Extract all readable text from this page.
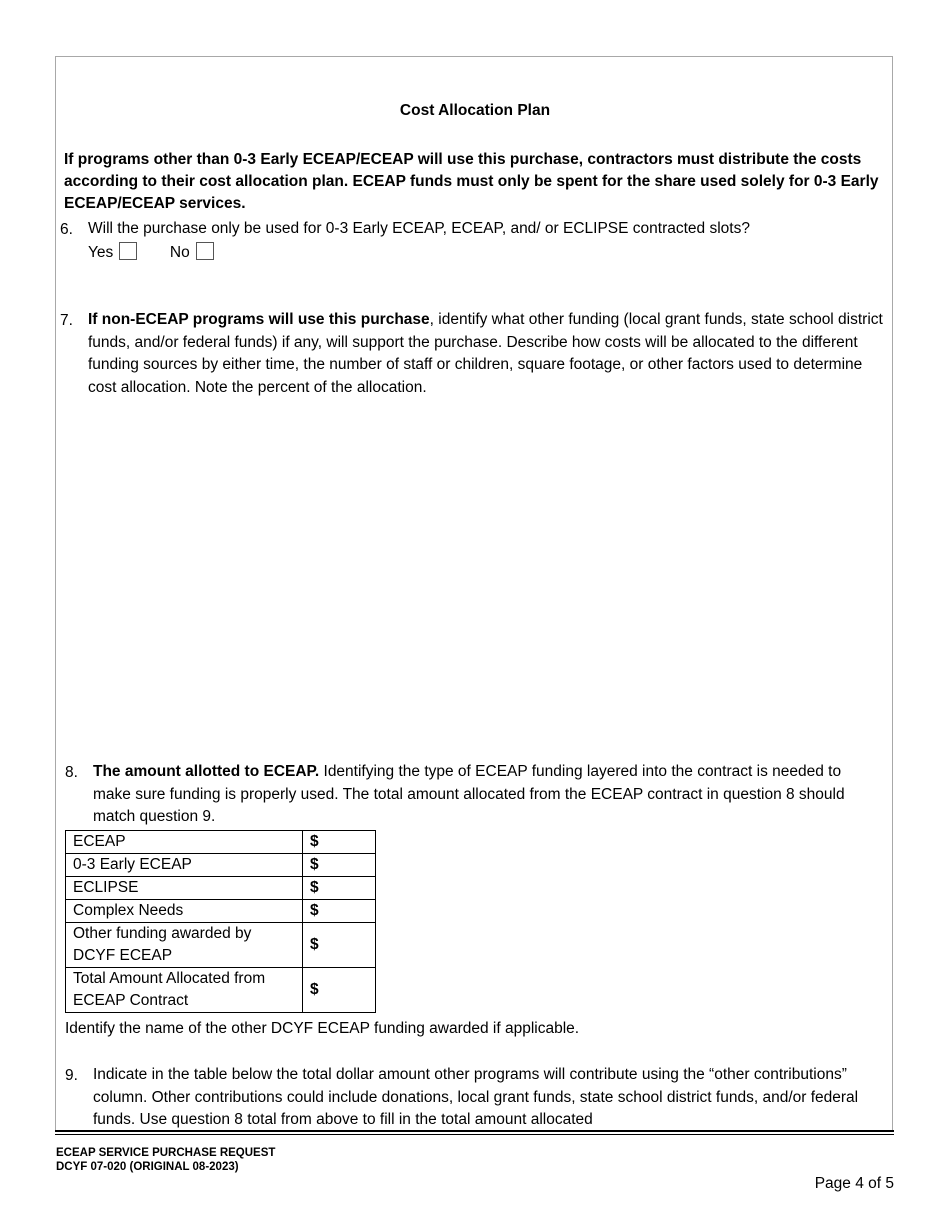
Cost Allocation Plan
If programs other than 0-3 Early ECEAP/ECEAP will use this purchase, contractors must distribute the costs according to their cost allocation plan. ECEAP funds must only be spent for the share used solely for 0-3 Early ECEAP/ECEAP services.
6. Will the purchase only be used for 0-3 Early ECEAP, ECEAP, and/ or ECLIPSE contracted slots?
Yes	No
7. If non-ECEAP programs will use this purchase, identify what other funding (local grant funds, state school district funds, and/or federal funds) if any, will support the purchase. Describe how costs will be allocated to the different funding sources by either time, the number of staff or children, square footage, or other factors used to determine cost allocation. Note the percent of the allocation.
8. The amount allotted to ECEAP. Identifying the type of ECEAP funding layered into the contract is needed to make sure funding is properly used. The total amount allocated from the ECEAP contract in question 8 should match question 9.
ECEAP	$
0-3 Early ECEAP	$
ECLIPSE	$
Complex Needs	$
Other funding awarded by DCYF ECEAP	$
Total Amount Allocated from ECEAP Contract	$
Identify the name of the other DCYF ECEAP funding awarded if applicable.
9. Indicate in the table below the total dollar amount other programs will contribute using the “other contributions” column. Other contributions could include donations, local grant funds, state school district funds, and/or federal funds. Use question 8 total from above to fill in the total amount allocated
ECEAP SERVICE PURCHASE REQUEST
DCYF 07-020 (ORIGINAL 08-2023)
Page 4 of 5
